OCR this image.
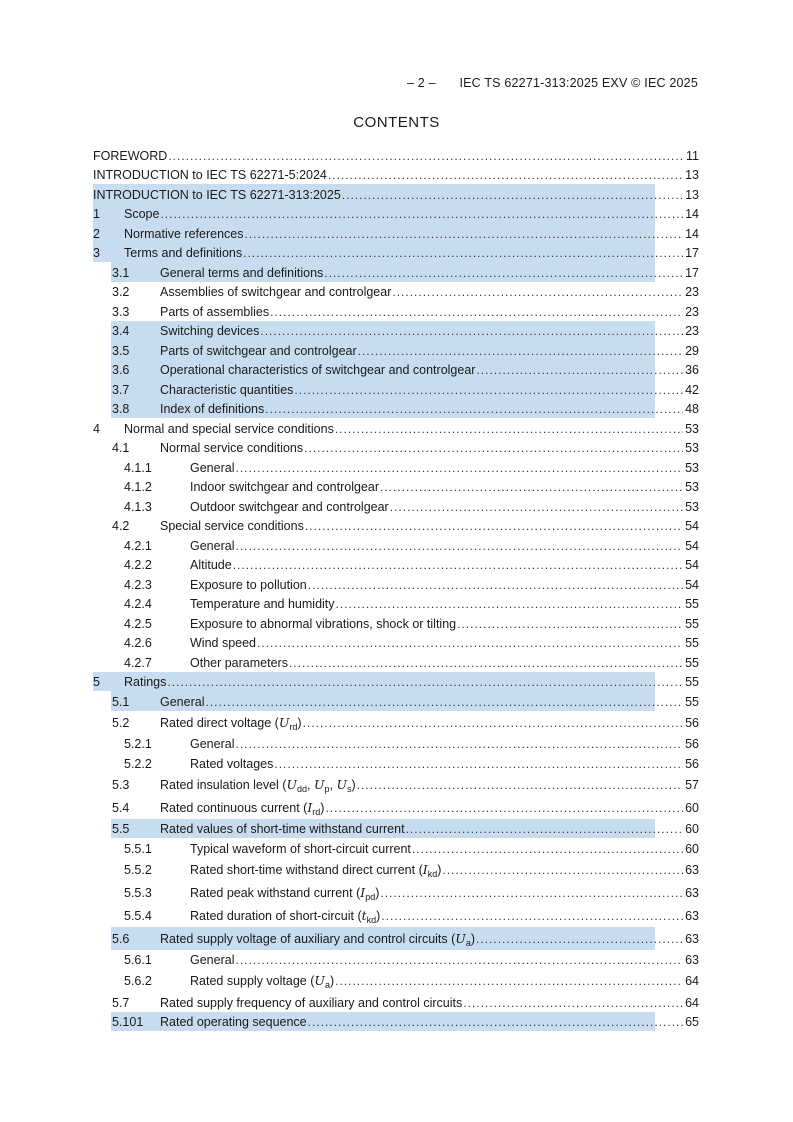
– 2 – IEC TS 62271-313:2025 EXV © IEC 2025
CONTENTS
FOREWORD .....	11
INTRODUCTION to IEC TS 62271-5:2024 .....	13
INTRODUCTION to IEC TS 62271-313:2025 .....	13
1	Scope .....	14
2	Normative references .....	14
3	Terms and definitions .....	17
3.1	General terms and definitions .....	17
3.2	Assemblies of switchgear and controlgear .....	23
3.3	Parts of assemblies .....	23
3.4	Switching devices .....	23
3.5	Parts of switchgear and controlgear .....	29
3.6	Operational characteristics of switchgear and controlgear .....	36
3.7	Characteristic quantities .....	42
3.8	Index of definitions .....	48
4	Normal and special service conditions .....	53
4.1	Normal service conditions .....	53
4.1.1	General .....	53
4.1.2	Indoor switchgear and controlgear .....	53
4.1.3	Outdoor switchgear and controlgear .....	53
4.2	Special service conditions .....	54
4.2.1	General .....	54
4.2.2	Altitude .....	54
4.2.3	Exposure to pollution .....	54
4.2.4	Temperature and humidity .....	55
4.2.5	Exposure to abnormal vibrations, shock or tilting .....	55
4.2.6	Wind speed .....	55
4.2.7	Other parameters .....	55
5	Ratings .....	55
5.1	General .....	55
5.2	Rated direct voltage $(U_{rd})$ .....	56
5.2.1	General .....	56
5.2.2	Rated voltages .....	56
5.3	Rated insulation level ($U_{dd}$, $U_p$, $U_s$) .....	57
5.4	Rated continuous current $(I_{rd})$ .....	60
5.5	Rated values of short-time withstand current .....	60
5.5.1	Typical waveform of short-circuit current .....	60
5.5.2	Rated short-time withstand direct current $(I_{kd})$ .....	63
5.5.3	Rated peak withstand current $(I_{pd})$ .....	63
5.5.4	Rated duration of short-circuit $(t_{kd})$ .....	63
5.6	Rated supply voltage of auxiliary and control circuits $(U_a)$ .....	63
5.6.1	General .....	63
5.6.2	Rated supply voltage $(U_a)$ .....	64
5.7	Rated supply frequency of auxiliary and control circuits .....	64
5.101	Rated operating sequence .....	65
